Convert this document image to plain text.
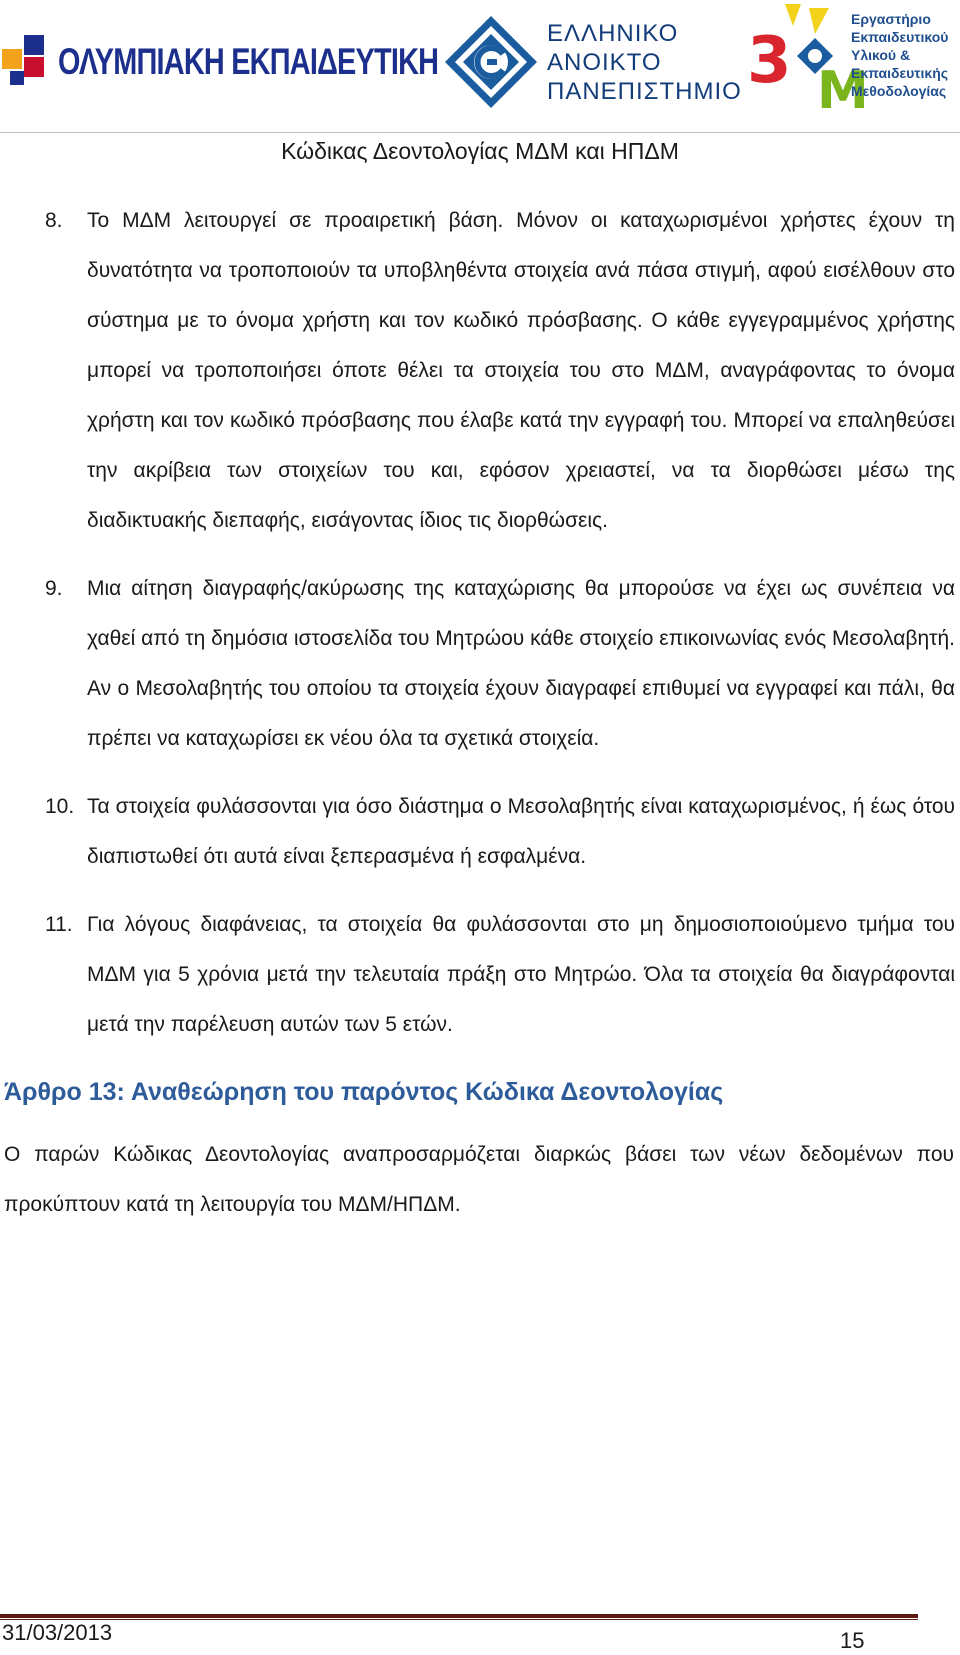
ΟΛΥΜΠΙΑΚΗ ΕΚΠΑΙΔΕΥΤΙΚΗ
ΕΛΛΗΝΙΚΟ
ΑΝΟΙΚΤΟ
ΠΑΝΕΠΙΣΤΗΜΙΟ 3 Μ
Εργαστήριο
Εκπαιδευτικού
Υλικού &
Εκπαιδευτικής
Μεθοδολογίας
Κώδικας Δεοντολογίας ΜΔΜ και ΗΠΔΜ
8.	Το ΜΔΜ λειτουργεί σε προαιρετική βάση. Μόνον οι καταχωρισμένοι χρήστες έχουν τη δυνατότητα να τροποποιούν τα υποβληθέντα στοιχεία ανά πάσα στιγμή, αφού εισέλθουν στο σύστημα με το όνομα χρήστη και τον κωδικό πρόσβασης. Ο κάθε εγγεγραμμένος χρήστης μπορεί να τροποποιήσει όποτε θέλει τα στοιχεία του στο ΜΔΜ, αναγράφοντας το όνομα χρήστη και τον κωδικό πρόσβασης που έλαβε κατά την εγγραφή του. Μπορεί να επαληθεύσει την ακρίβεια των στοιχείων του και, εφόσον χρειαστεί, να τα διορθώσει μέσω της διαδικτυακής διεπαφής, εισάγοντας ίδιος τις διορθώσεις.
9.	Μια αίτηση διαγραφής/ακύρωσης της καταχώρισης θα μπορούσε να έχει ως συνέπεια να χαθεί από τη δημόσια ιστοσελίδα του Μητρώου κάθε στοιχείο επικοινωνίας ενός Μεσολαβητή. Αν ο Μεσολαβητής του οποίου τα στοιχεία έχουν διαγραφεί επιθυμεί να εγγραφεί και πάλι, θα πρέπει να καταχωρίσει εκ νέου όλα τα σχετικά στοιχεία.
10. Τα στοιχεία φυλάσσονται για όσο διάστημα ο Μεσολαβητής είναι καταχωρισμένος, ή έως ότου διαπιστωθεί ότι αυτά είναι ξεπερασμένα ή εσφαλμένα.
11. Για λόγους διαφάνειας, τα στοιχεία θα φυλάσσονται στο μη δημοσιοποιούμενο τμήμα του ΜΔΜ για 5 χρόνια μετά την τελευταία πράξη στο Μητρώο. Όλα τα στοιχεία θα διαγράφονται μετά την παρέλευση αυτών των 5 ετών.
Άρθρο 13: Αναθεώρηση του παρόντος Κώδικα Δεοντολογίας
Ο παρών Κώδικας Δεοντολογίας αναπροσαρμόζεται διαρκώς βάσει των νέων δεδομένων που προκύπτουν κατά τη λειτουργία του ΜΔΜ/ΗΠΔΜ.
31/03/2013	15
